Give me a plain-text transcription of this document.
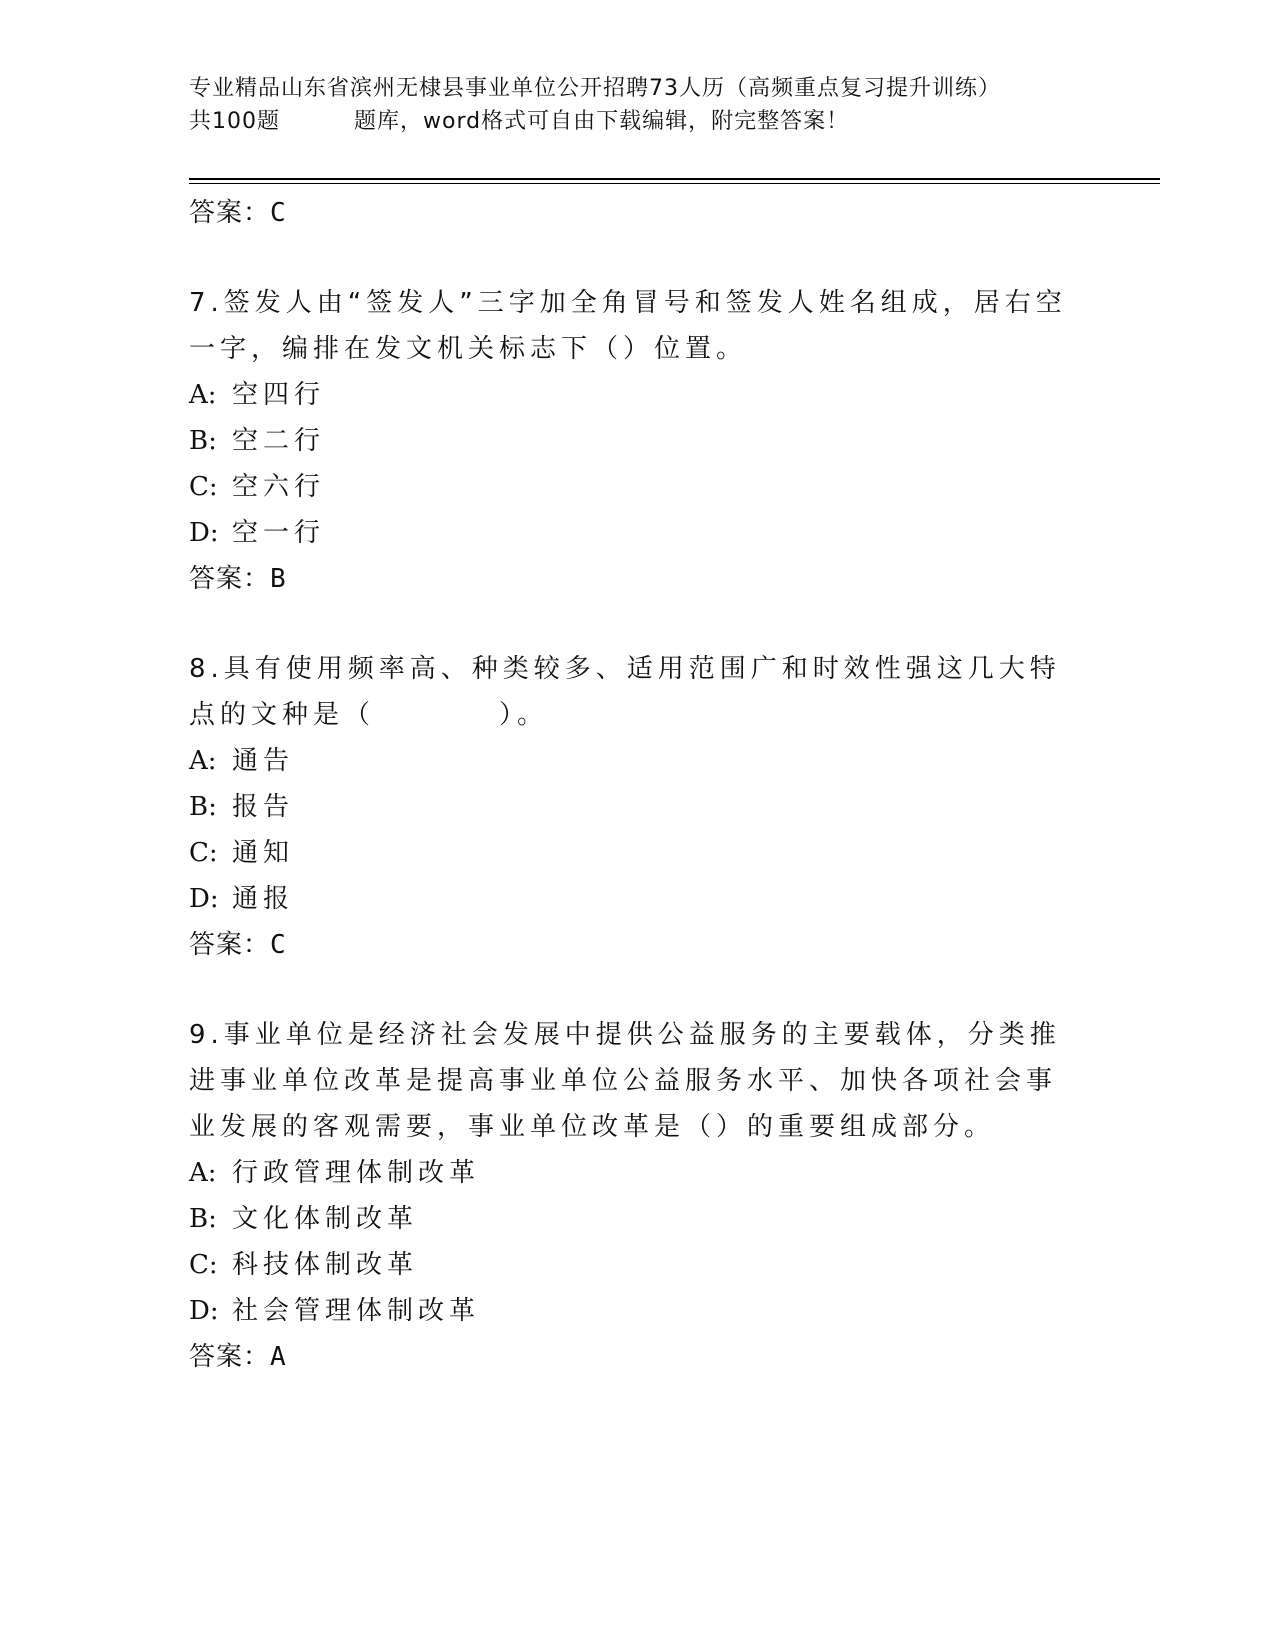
专业精品山东省滨州无棣县事业单位公开招聘73人历（高频重点复习提升训练）
共100题	题库，word格式可自由下载编辑，附完整答案！
答案：C
7.签发人由“签发人”三字加全角冒号和签发人姓名组成，居右空一字，编排在发文机关标志下（）位置。
A: 空四行
B: 空二行
C: 空六行
D: 空一行
答案：B
8.具有使用频率高、种类较多、适用范围广和时效性强这几大特点的文种是（　　　　）。
A: 通告
B: 报告
C: 通知
D: 通报
答案：C
9.事业单位是经济社会发展中提供公益服务的主要载体，分类推进事业单位改革是提高事业单位公益服务水平、加快各项社会事业发展的客观需要，事业单位改革是（）的重要组成部分。
A: 行政管理体制改革
B: 文化体制改革
C: 科技体制改革
D: 社会管理体制改革
答案：A
